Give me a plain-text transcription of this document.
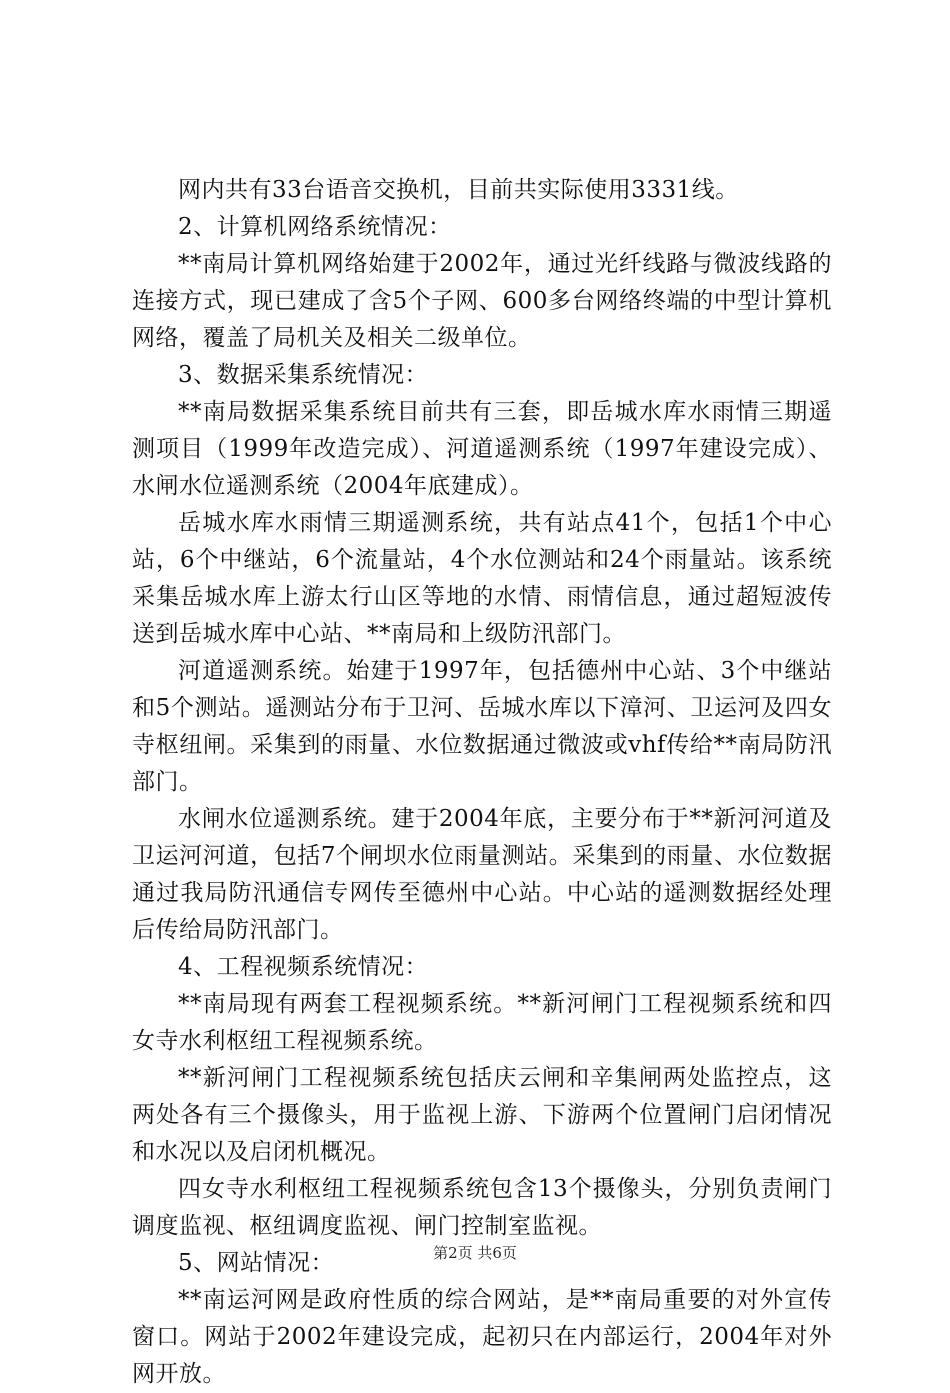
网内共有33台语音交换机，目前共实际使用3331线。

2、计算机网络系统情况：

**南局计算机网络始建于2002年，通过光纤线路与微波线路的连接方式，现已建成了含5个子网、600多台网络终端的中型计算机网络，覆盖了局机关及相关二级单位。

3、数据采集系统情况：

**南局数据采集系统目前共有三套，即岳城水库水雨情三期遥测项目（1999年改造完成）、河道遥测系统（1997年建设完成）、水闸水位遥测系统（2004年底建成）。

岳城水库水雨情三期遥测系统，共有站点41个，包括1个中心站，6个中继站，6个流量站，4个水位测站和24个雨量站。该系统采集岳城水库上游太行山区等地的水情、雨情信息，通过超短波传送到岳城水库中心站、**南局和上级防汛部门。

河道遥测系统。始建于1997年，包括德州中心站、3个中继站和5个测站。遥测站分布于卫河、岳城水库以下漳河、卫运河及四女寺枢纽闸。采集到的雨量、水位数据通过微波或vhf传给**南局防汛部门。

水闸水位遥测系统。建于2004年底，主要分布于**新河河道及卫运河河道，包括7个闸坝水位雨量测站。采集到的雨量、水位数据通过我局防汛通信专网传至德州中心站。中心站的遥测数据经处理后传给局防汛部门。

4、工程视频系统情况：

**南局现有两套工程视频系统。**新河闸门工程视频系统和四女寺水利枢纽工程视频系统。

**新河闸门工程视频系统包括庆云闸和辛集闸两处监控点，这两处各有三个摄像头，用于监视上游、下游两个位置闸门启闭情况和水况以及启闭机概况。

四女寺水利枢纽工程视频系统包含13个摄像头，分别负责闸门调度监视、枢纽调度监视、闸门控制室监视。

5、网站情况：

**南运河网是政府性质的综合网站，是**南局重要的对外宣传窗口。网站于2002年建设完成，起初只在内部运行，2004年对外网开放。

第2页 共6页
